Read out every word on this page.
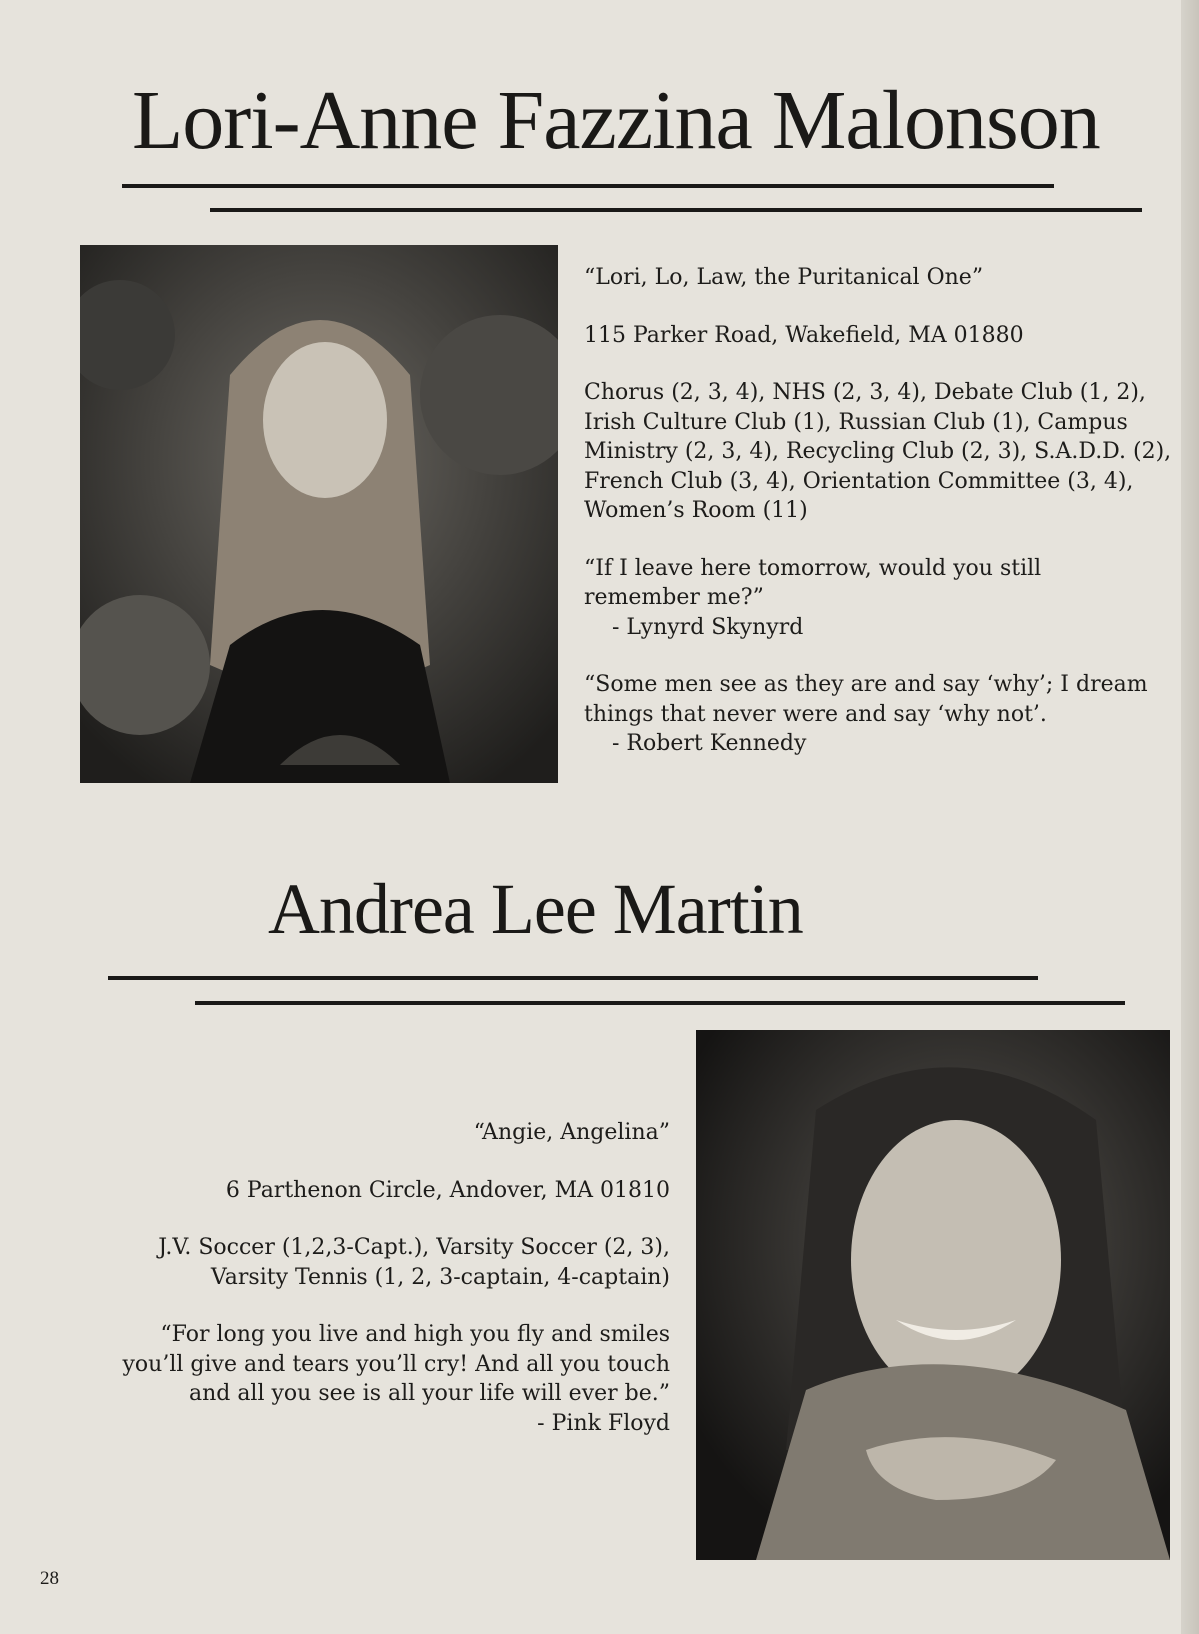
Lori-Anne Fazzina Malonson

“Lori, Lo, Law, the Puritanical One”

115 Parker Road, Wakefield, MA 01880

Chorus (2, 3, 4), NHS (2, 3, 4), Debate Club (1, 2),
Irish Culture Club (1), Russian Club (1), Campus
Ministry (2, 3, 4), Recycling Club (2, 3), S.A.D.D. (2),
French Club (3, 4), Orientation Committee (3, 4),
Women’s Room (11)

“If I leave here tomorrow, would you still
remember me?”
- Lynyrd Skynyrd

“Some men see as they are and say ‘why’; I dream
things that never were and say ‘why not’.
- Robert Kennedy

Andrea Lee Martin

“Angie, Angelina”

6 Parthenon Circle, Andover, MA 01810

J.V. Soccer (1,2,3-Capt.), Varsity Soccer (2, 3),
Varsity Tennis (1, 2, 3-captain, 4-captain)

“For long you live and high you fly and smiles
you’ll give and tears you’ll cry! And all you touch
and all you see is all your life will ever be.”
- Pink Floyd

28
